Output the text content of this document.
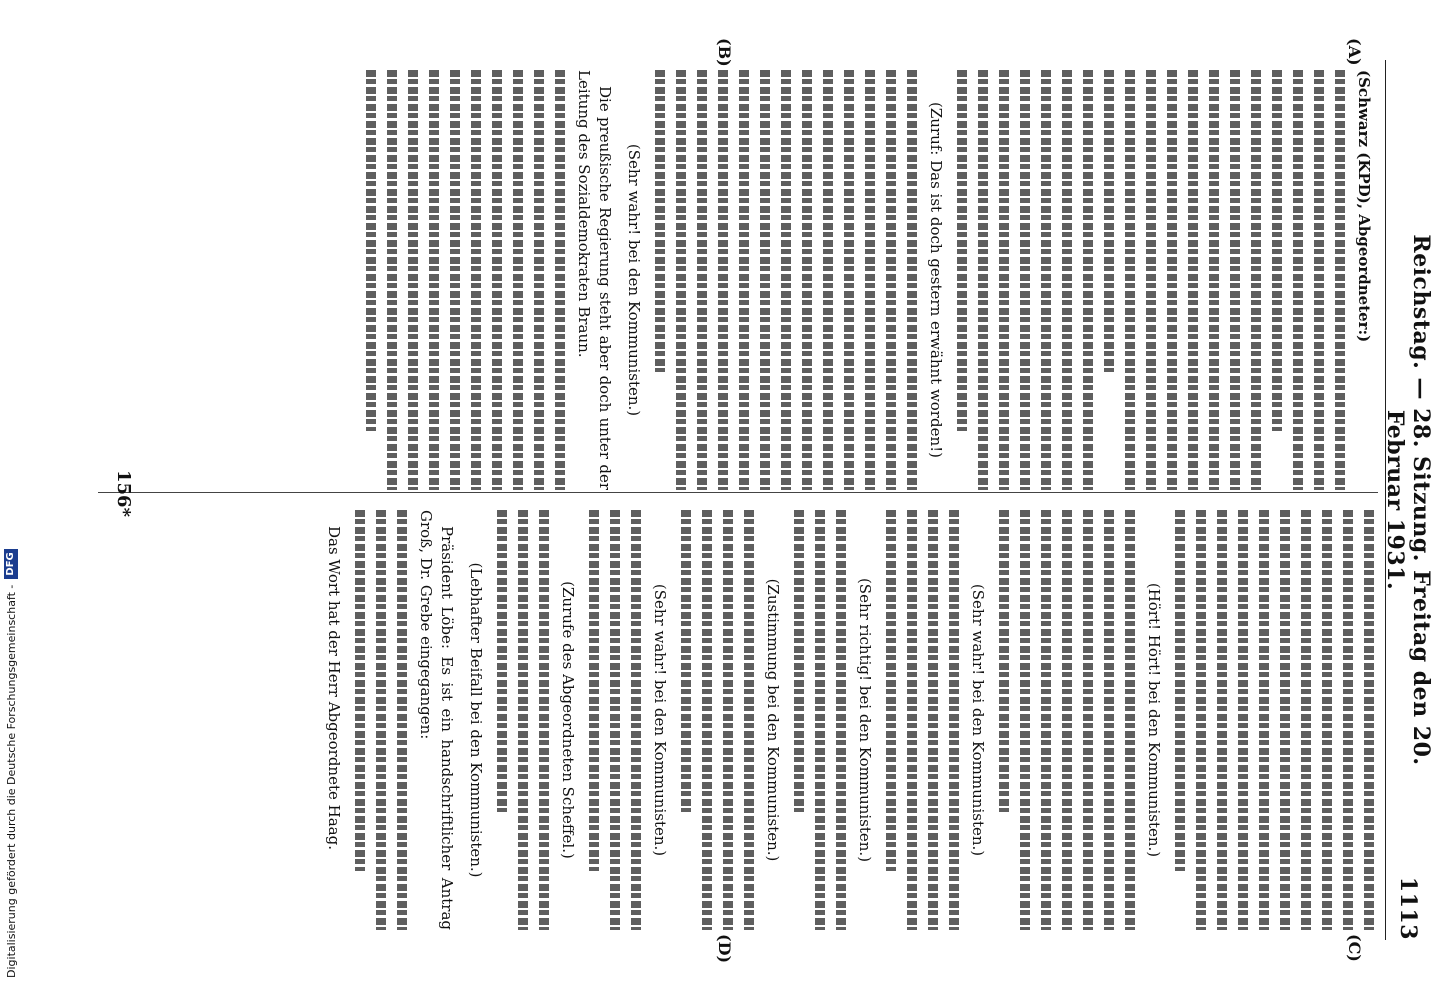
Digitalisierung gefördert durch die Deutsche Forschungsgemeinschaft -
DFG	Reichstag. — 28. Sitzung. Freitag den 20. Februar 1931.
1113
(A)
(B)
(C)
(D)

(Schwarz (KPD), Abgeordneter:)

(Zuruf: Das ist doch gestern erwähnt worden!)

(Sehr wahr! bei den Kommunisten.)

Die preußische Regierung steht aber doch unter der Leitung des Sozialdemokraten Braun.

(Hört! Hört! bei den Kommunisten.)

(Sehr wahr! bei den Kommunisten.)

(Sehr richtig! bei den Kommunisten.)

(Zustimmung bei den Kommunisten.)

(Sehr wahr! bei den Kommunisten.)

(Zurufe des Abgeordneten Scheffel.)

(Lebhafter Beifall bei den Kommunisten.)

Präsident Löbe: Es ist ein handschriftlicher Antrag Groß, Dr. Grebe eingegangen:

Das Wort hat der Herr Abgeordnete Haag.

156*
